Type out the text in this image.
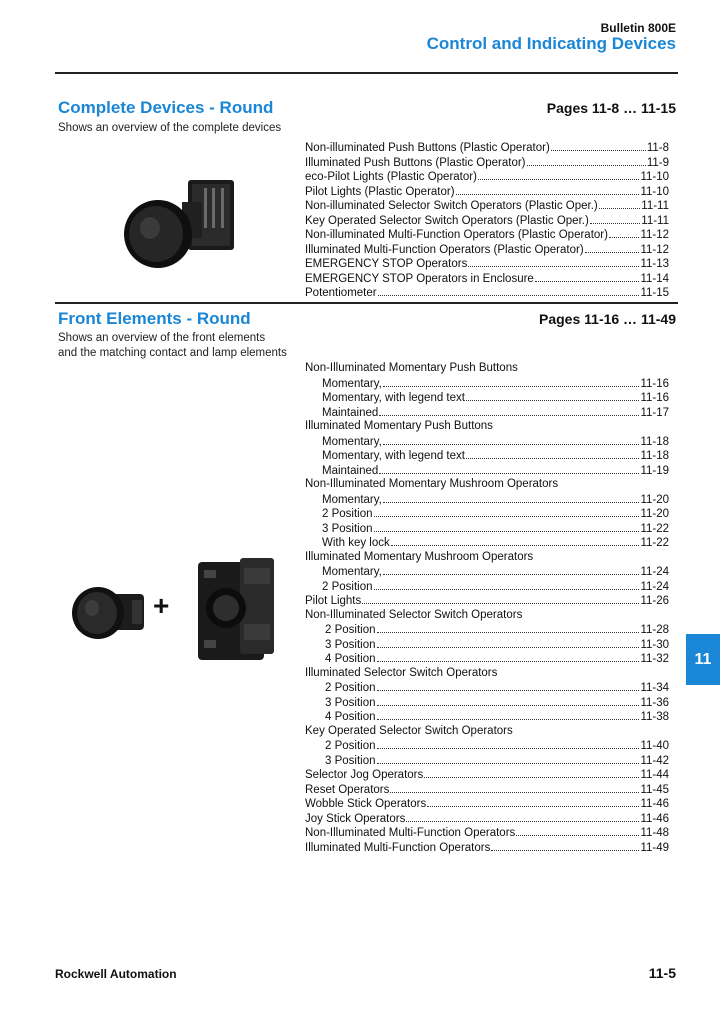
Bulletin 800E
Control and Indicating Devices
Complete Devices - Round	Pages 11-8 … 11-15
Shows an overview of the complete devices
Non-illuminated Push Buttons (Plastic Operator)	11-8
Illuminated Push Buttons (Plastic Operator)	11-9
eco-Pilot Lights (Plastic Operator)	11-10
Pilot Lights (Plastic Operator)	11-10
Non-illuminated Selector Switch Operators (Plastic Oper.)	11-11
Key Operated Selector Switch Operators (Plastic Oper.)	11-11
Non-illuminated Multi-Function Operators (Plastic Operator)	11-12
Illuminated Multi-Function Operators (Plastic Operator)	11-12
EMERGENCY STOP Operators	11-13
EMERGENCY STOP Operators in Enclosure	11-14
Potentiometer	11-15
Front Elements - Round	Pages 11-16 … 11-49
Shows an overview of the front elements
and the matching contact and lamp elements
Non-Illuminated Momentary Push Buttons
Momentary,	11-16
Momentary, with legend text	11-16
Maintained	11-17
Illuminated Momentary Push Buttons
Momentary,	11-18
Momentary, with legend text	11-18
Maintained	11-19
Non-Illuminated Momentary Mushroom Operators
Momentary,	11-20
2 Position	11-20
3 Position	11-22
With key lock	11-22
Illuminated Momentary Mushroom Operators
Momentary,	11-24
2 Position	11-24
Pilot Lights	11-26
Non-Illuminated Selector Switch Operators
2 Position	11-28
3 Position	11-30
4 Position	11-32
Illuminated Selector Switch Operators
2 Position	11-34
3 Position	11-36
4 Position	11-38
Key Operated Selector Switch Operators
2 Position	11-40
3 Position	11-42
Selector Jog Operators	11-44
Reset Operators	11-45
Wobble Stick Operators	11-46
Joy Stick Operators	11-46
Non-Illuminated Multi-Function Operators	11-48
Illuminated Multi-Function Operators	11-49
+
11
Rockwell Automation	11-5
